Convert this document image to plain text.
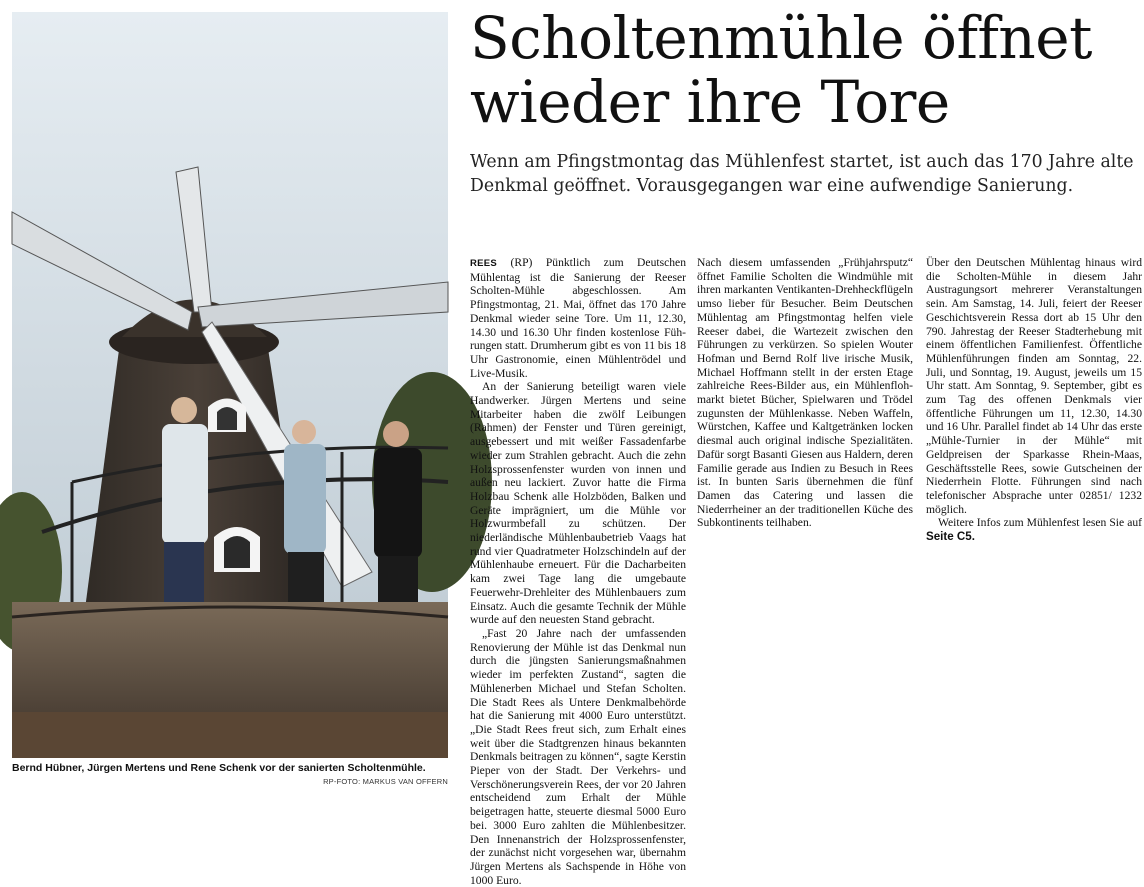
Bernd Hübner, Jürgen Mertens und Rene Schenk vor der sanierten Scholtenmühle.
RP-FOTO: MARKUS VAN OFFERN
Scholtenmühle öffnet wieder ihre Tore
Wenn am Pfingstmontag das Mühlenfest startet, ist auch das 170 Jahre alte Denkmal geöffnet. Vorausgegangen war eine aufwendige Sanierung.

REES (RP) Pünktlich zum Deutschen Mühlentag ist die Sanierung der Reeser Scholten-Mühle abgeschlossen. Am Pfingstmontag, 21. Mai, öffnet das 170 Jahre Denkmal wieder seine Tore. Um 11, 12.30, 14.30 und 16.30 Uhr finden kostenlose Führungen statt. Drumherum gibt es von 11 bis 18 Uhr Gastronomie, einen Mühlentrödel und Live-Musik.

An der Sanierung beteiligt waren viele Handwerker. Jürgen Mertens und seine Mitarbeiter haben die zwölf Leibungen (Rahmen) der Fenster und Türen gereinigt, ausgebessert und mit weißer Fassadenfarbe wieder zum Strahlen gebracht. Auch die zehn Holzsprossenfenster wurden von innen und außen neu lackiert. Zuvor hatte die Firma Holzbau Schenk alle Holzböden, Balken und Geräte imprägniert, um die Mühle vor Holzwurmbefall zu schützen. Der niederländische Mühlenbaubetrieb Vaags hat rund vier Quadratmeter Holzschindeln auf der Mühlenhaube erneuert. Für die Dacharbeiten kam zwei Tage lang die umgebaute Feuerwehr-Drehleiter des Mühlenbauers zum Einsatz. Auch die gesamte Technik der Mühle wurde auf den neuesten Stand gebracht.

„Fast 20 Jahre nach der umfassenden Renovierung der Mühle ist das Denkmal nun durch die jüngsten Sanierungsmaßnahmen wieder im perfekten Zustand“, sagten die Mühlenerben Michael und Stefan Scholten. Die Stadt Rees als Untere Denkmalbehörde hat die Sanierung mit 4000 Euro unterstützt. „Die Stadt Rees freut sich, zum Erhalt eines weit über die Stadtgrenzen hinaus bekannten Denkmals beitragen zu können“, sagte Kerstin Pieper von der Stadt. Der Verkehrs- und Verschönerungsverein Rees, der vor 20 Jahren entscheidend zum Erhalt der Mühle beigetragen hatte, steuerte diesmal 5000 Euro bei. 3000 Euro zahlten die Mühlenbesitzer. Den Innenanstrich der Holzsprossenfenster, der zunächst nicht vorgesehen war, übernahm Jürgen Mertens als Sachspende in Höhe von 1000 Euro.

Nach diesem umfassenden „Frühjahrsputz“ öffnet Familie Scholten die Windmühle mit ihren markanten Ventikanten-Drehheckflügeln umso lieber für Besucher. Beim Deutschen Mühlentag am Pfingstmontag helfen viele Reeser dabei, die Wartezeit zwischen den Führungen zu verkürzen. So spielen Wouter Hofman und Bernd Rolf live irische Musik, Michael Hoffmann stellt in der ersten Etage zahlreiche Rees-Bilder aus, ein Mühlenflohmarkt bietet Bücher, Spielwaren und Trödel zugunsten der Mühlenkasse. Neben Waffeln, Würstchen, Kaffee und Kaltgetränken locken diesmal auch original indische Spezialitäten. Dafür sorgt Basanti Giesen aus Haldern, deren Familie gerade aus Indien zu Besuch in Rees ist. In bunten Saris übernehmen die fünf Damen das Catering und lassen die Niederrheiner an der traditionellen Küche des Subkontinents teilhaben.

Über den Deutschen Mühlentag hinaus wird die Scholten-Mühle in diesem Jahr Austragungsort mehrerer Veranstaltungen sein. Am Samstag, 14. Juli, feiert der Reeser Geschichtsverein Ressa dort ab 15 Uhr den 790. Jahrestag der Reeser Stadterhebung mit einem öffentlichen Familienfest. Öffentliche Mühlenführungen finden am Sonntag, 22. Juli, und Sonntag, 19. August, jeweils um 15 Uhr statt. Am Sonntag, 9. September, gibt es zum Tag des offenen Denkmals vier öffentliche Führungen um 11, 12.30, 14.30 und 16 Uhr. Parallel findet ab 14 Uhr das erste „Mühle-Turnier in der Mühle“ mit Geldpreisen der Sparkasse Rhein-Maas, Geschäftsstelle Rees, sowie Gutscheinen der Niederrhein Flotte. Führungen sind nach telefonischer Absprache unter 02851/ 1232 möglich.

Weitere Infos zum Mühlenfest lesen Sie auf Seite C5.
